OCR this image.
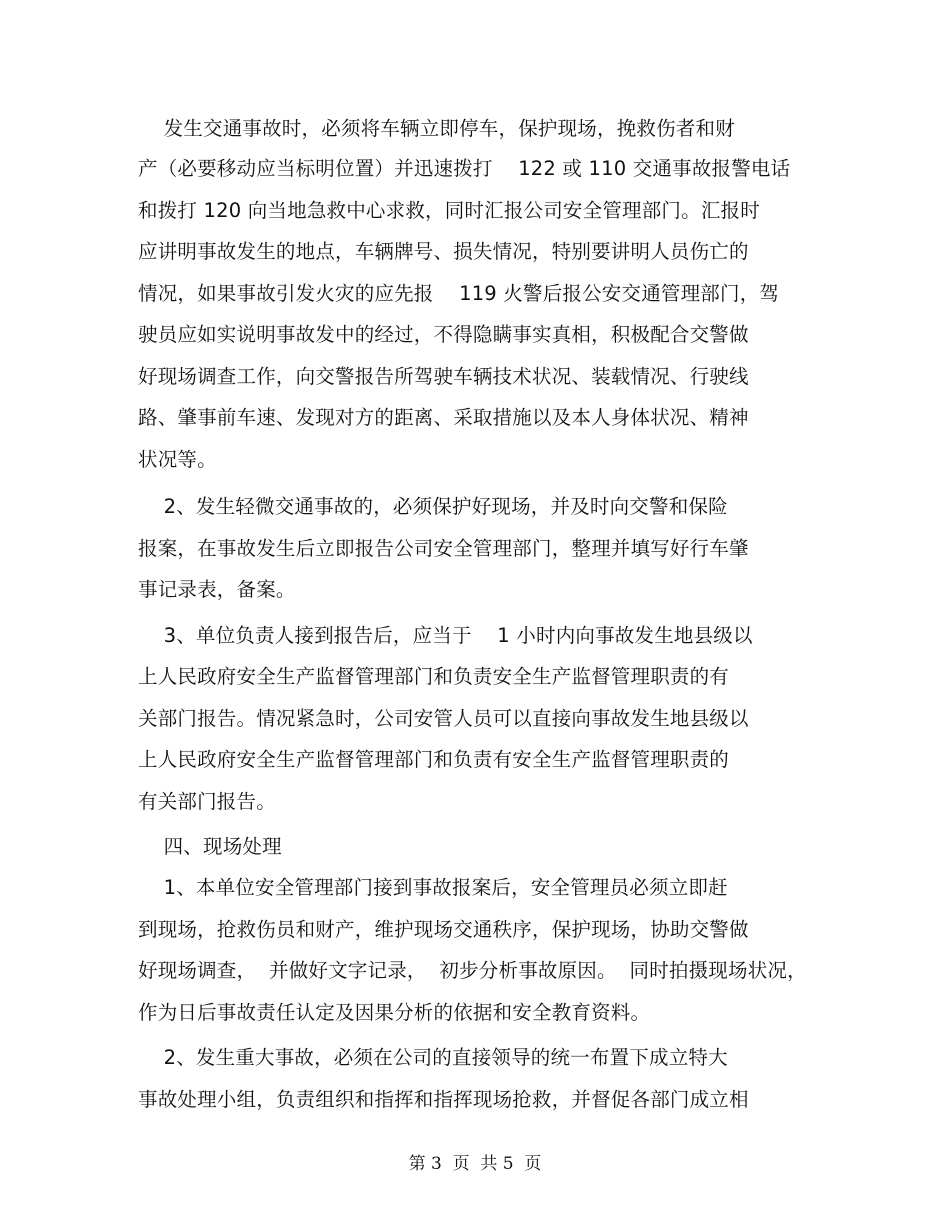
发生交通事故时，必须将车辆立即停车，保护现场，挽救伤者和财
产（必要移动应当标明位置）并迅速拨打    122 或 110 交通事故报警电话
和拨打 120 向当地急救中心求救，同时汇报公司安全管理部门。汇报时
应讲明事故发生的地点，车辆牌号、损失情况，特别要讲明人员伤亡的
情况，如果事故引发火灾的应先报    119 火警后报公安交通管理部门，驾
驶员应如实说明事故发中的经过，不得隐瞒事实真相，积极配合交警做
好现场调查工作，向交警报告所驾驶车辆技术状况、装载情况、行驶线
路、肇事前车速、发现对方的距离、采取措施以及本人身体状况、精神
状况等。
2、发生轻微交通事故的，必须保护好现场，并及时向交警和保险
报案，在事故发生后立即报告公司安全管理部门，整理并填写好行车肇
事记录表，备案。
3、单位负责人接到报告后，应当于    1 小时内向事故发生地县级以
上人民政府安全生产监督管理部门和负责安全生产监督管理职责的有
关部门报告。情况紧急时，公司安管人员可以直接向事故发生地县级以
上人民政府安全生产监督管理部门和负责有安全生产监督管理职责的
有关部门报告。
四、现场处理
1、本单位安全管理部门接到事故报案后，安全管理员必须立即赶
到现场，抢救伤员和财产，维护现场交通秩序，保护现场，协助交警做
好现场调查，  并做好文字记录，  初步分析事故原因。  同时拍摄现场状况，
作为日后事故责任认定及因果分析的依据和安全教育资料。
2、发生重大事故，必须在公司的直接领导的统一布置下成立特大
事故处理小组，负责组织和指挥和指挥现场抢救，并督促各部门成立相
第 3  页  共 5  页
